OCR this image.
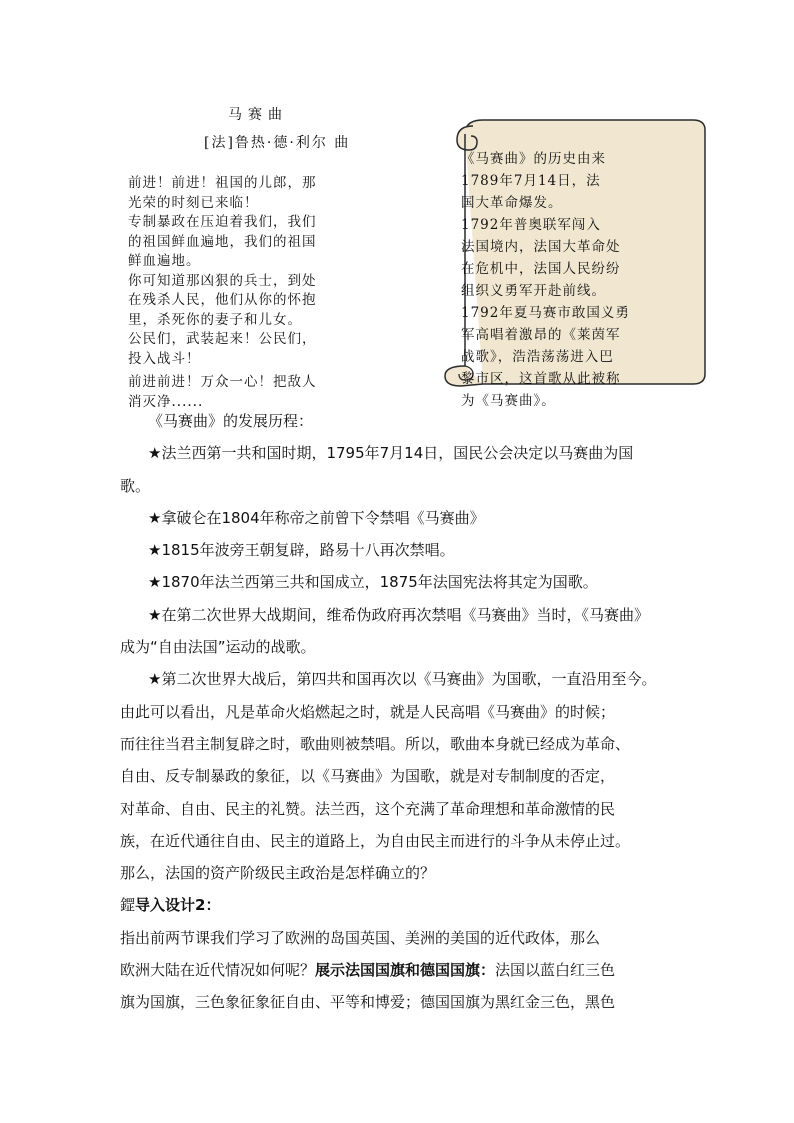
马赛曲
[法]鲁热·德·利尔 曲
前进！前进！祖国的儿郎，那
光荣的时刻已来临！
专制暴政在压迫着我们，我们
的祖国鲜血遍地，我们的祖国
鲜血遍地。
你可知道那凶狠的兵士，到处
在残杀人民，他们从你的怀抱
里，杀死你的妻子和儿女。
公民们，武装起来！公民们，
投入战斗！
前进前进！万众一心！把敌人
消灭净......
《马赛曲》的历史由来
1789年7月14日，法
国大革命爆发。
1792年普奥联军闯入
法国境内，法国大革命处
在危机中，法国人民纷纷
组织义勇军开赴前线。
1792年夏马赛市敢国义勇
军高唱着激昂的《莱茵军
战歌》，浩浩荡荡进入巴
黎市区，这首歌从此被称
为《马赛曲》。

《马赛曲》的发展历程：

★法兰西第一共和国时期，1795年7月14日，国民公会决定以马赛曲为国

歌。

★拿破仑在1804年称帝之前曾下令禁唱《马赛曲》

★1815年波旁王朝复辟，路易十八再次禁唱。

★1870年法兰西第三共和国成立，1875年法国宪法将其定为国歌。

★在第二次世界大战期间，维希伪政府再次禁唱《马赛曲》当时，《马赛曲》

成为“自由法国”运动的战歌。

★第二次世界大战后，第四共和国再次以《马赛曲》为国歌，一直沿用至今。

由此可以看出，凡是革命火焰燃起之时，就是人民高唱《马赛曲》的时候；

而往往当君主制复辟之时，歌曲则被禁唱。所以，歌曲本身就已经成为革命、

自由、反专制暴政的象征，以《马赛曲》为国歌，就是对专制制度的否定，

对革命、自由、民主的礼赞。法兰西，这个充满了革命理想和革命激情的民

族，在近代通往自由、民主的道路上，为自由民主而进行的斗争从未停止过。

那么，法国的资产阶级民主政治是怎样确立的？

鎠导入设计2：

指出前两节课我们学习了欧洲的岛国英国、美洲的美国的近代政体，那么

欧洲大陆在近代情况如何呢？展示法国国旗和德国国旗：法国以蓝白红三色

旗为国旗，三色象征象征自由、平等和博爱；德国国旗为黑红金三色，黑色
